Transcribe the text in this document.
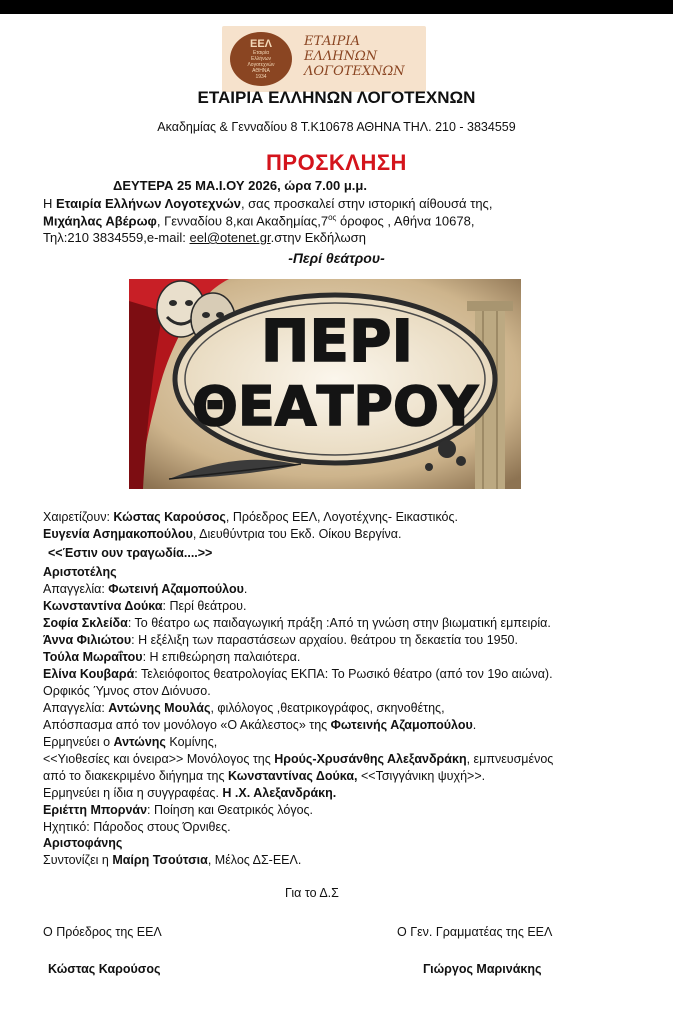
ΕΕΛ
Εταιρία
Ελλήνων
Λογοτεχνών
ΑΘΗΝΑ
1934
ΕΤΑΙΡΙΑ
ΕΛΛΗΝΩΝ
ΛΟΓΟΤΕΧΝΩΝ
ΕΤΑΙΡΙΑ ΕΛΛΗΝΩΝ ΛΟΓΟΤΕΧΝΩΝ
Ακαδημίας & Γενναδίου 8 Τ.Κ10678 ΑΘΗΝΑ ΤΗΛ. 210 - 3834559
ΠΡΟΣΚΛΗΣΗ
ΔΕΥΤΕΡΑ 25 ΜΑ.Ι.ΟΥ 2026, ώρα 7.00 μ.μ.
Η Εταιρία Ελλήνων Λογοτεχνών, σας προσκαλεί στην ιστορική αίθουσά της,
Μιχάηλας Αβέρωφ, Γενναδίου 8,και $A\kappa\alpha\delta\eta\mu ί\alpha\varsigma,7^{o\varsigma}$ όροφος , Αθήνα 10678,
Τηλ:210 3834559,e-mail: eel@otenet.gr.στην Εκδήλωση
-Περί θεάτρου-
ΠΕΡΙ
ΘΕΑΤΡΟΥ
Χαιρετίζουν: Κώστας Καρούσος, Πρόεδρος ΕΕΛ, Λογοτέχνης- Εικαστικός.
Ευγενία Ασημακοπούλου, Διευθύντρια του Εκδ. Οίκου Βεργίνα.
<<Έστιν ουν τραγωδία....>>
Αριστοτέλης
Απαγγελία: Φωτεινή Αζαμοπούλου.
Κωνσταντίνα Δούκα: Περί θεάτρου.
Σοφία Σκλείδα: Το θέατρο ως παιδαγωγική πράξη :Από τη γνώση στην βιωματική εμπειρία.
Άννα Φιλιώτου: Η εξέλιξη των παραστάσεων αρχαίου. θεάτρου τη δεκαετία του 1950.
Τούλα Μωραΐτου: Η επιθεώρηση παλαιότερα.
Ελίνα Κουβαρά: Τελειόφοιτος θεατρολογίας ΕΚΠΑ: Το Ρωσικό θέατρο (από τον 19ο αιώνα).
Ορφικός Ύμνος στον Διόνυσο.
Απαγγελία: Αντώνης Μουλάς, φιλόλογος ,θεατρικογράφος, σκηνοθέτης,
Απόσπασμα από τον μονόλογο «Ο Ακάλεστος» της Φωτεινής Αζαμοπούλου.
Ερμηνεύει ο Αντώνης Κομίνης,
<<Υιοθεσίες και όνειρα>> Μονόλογος της Ηρούς-Χρυσάνθης Αλεξανδράκη, εμπνευσμένος
από το διακεκριμένο διήγημα της Κωνσταντίνας Δούκα, <<Τσιγγάνικη ψυχή>>.
Ερμηνεύει η ίδια η συγγραφέας. Η .Χ. Αλεξανδράκη.
Εριέττη Μπορνάν: Ποίηση και Θεατρικός λόγος.
Ηχητικό: Πάροδος στους Όρνιθες.
Αριστοφάνης
Συντονίζει η Μαίρη Τσούτσια, Μέλος ΔΣ-ΕΕΛ.
Για το Δ.Σ
Ο Πρόεδρος της ΕΕΛ	Ο Γεν. Γραμματέας της ΕΕΛ
Κώστας Καρούσος	Γιώργος Μαρινάκης
